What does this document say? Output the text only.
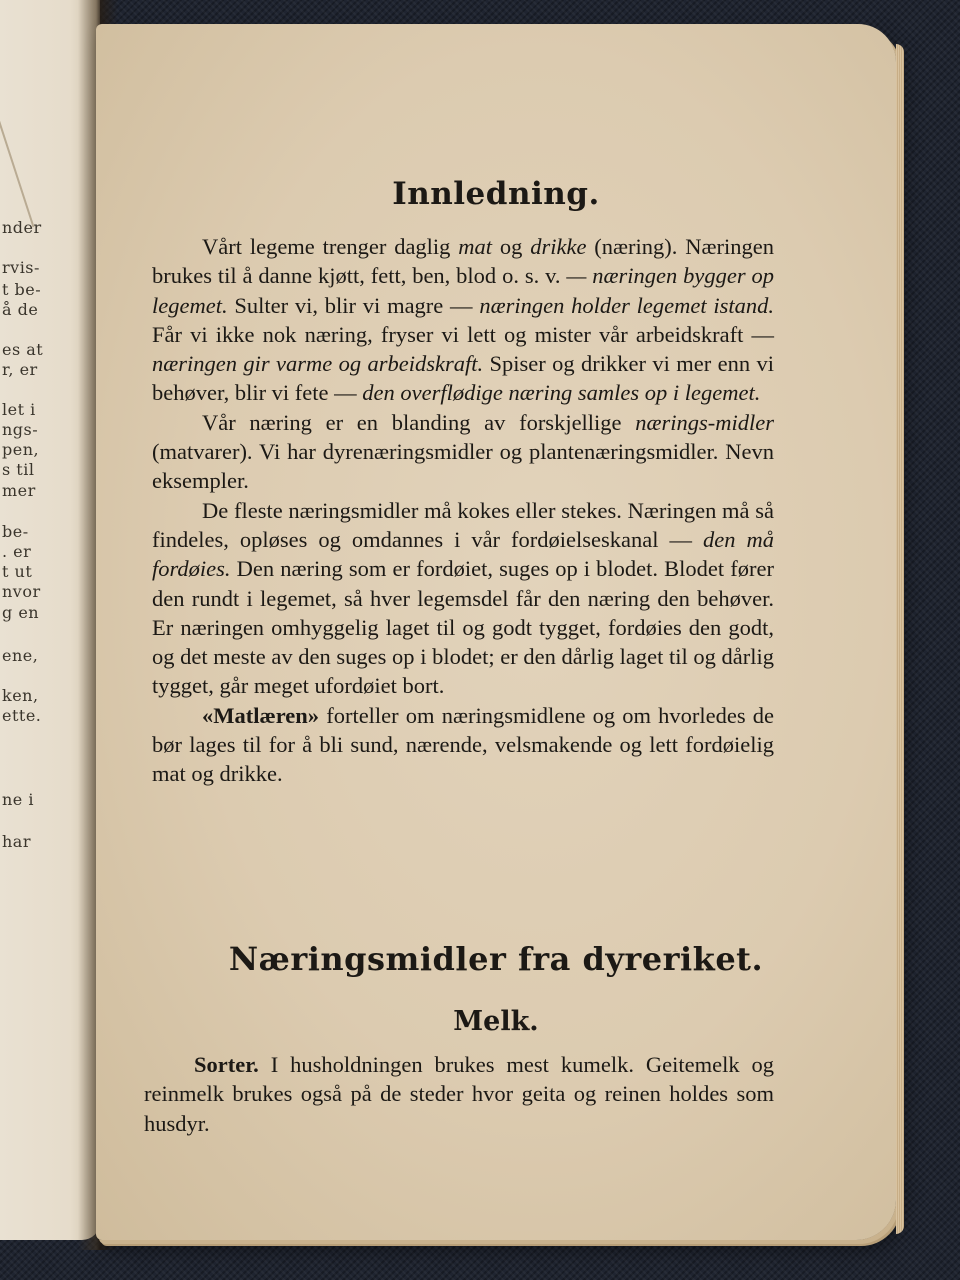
nder
rvis-
t be-
å de
es at
r, er
let i
ngs-
pen,
s til
mer
be-
. er
t ut
nvor
g en
ene,
ken,
ette.
ne i
har
Innledning.

Vårt legeme trenger daglig mat og drikke (næring). Næringen brukes til å danne kjøtt, fett, ben, blod o. s. v. — næringen bygger op legemet. Sulter vi, blir vi magre — næringen holder legemet istand. Får vi ikke nok næring, fryser vi lett og mister vår arbeidskraft — næringen gir varme og arbeidskraft. Spiser og drikker vi mer enn vi behøver, blir vi fete — den overflødige næring samles op i legemet.

Vår næring er en blanding av forskjellige nærings-midler (matvarer). Vi har dyrenæringsmidler og plantenæringsmidler. Nevn eksempler.

De fleste næringsmidler må kokes eller stekes. Næringen må så findeles, opløses og omdannes i vår fordøielseskanal — den må fordøies. Den næring som er fordøiet, suges op i blodet. Blodet fører den rundt i legemet, så hver legemsdel får den næring den behøver. Er næringen omhyggelig laget til og godt tygget, fordøies den godt, og det meste av den suges op i blodet; er den dårlig laget til og dårlig tygget, går meget ufordøiet bort.

«Matlæren» forteller om næringsmidlene og om hvorledes de bør lages til for å bli sund, nærende, velsmakende og lett fordøielig mat og drikke.

Næringsmidler fra dyreriket.
Melk.

Sorter. I husholdningen brukes mest kumelk. Geitemelk og reinmelk brukes også på de steder hvor geita og reinen holdes som husdyr.
